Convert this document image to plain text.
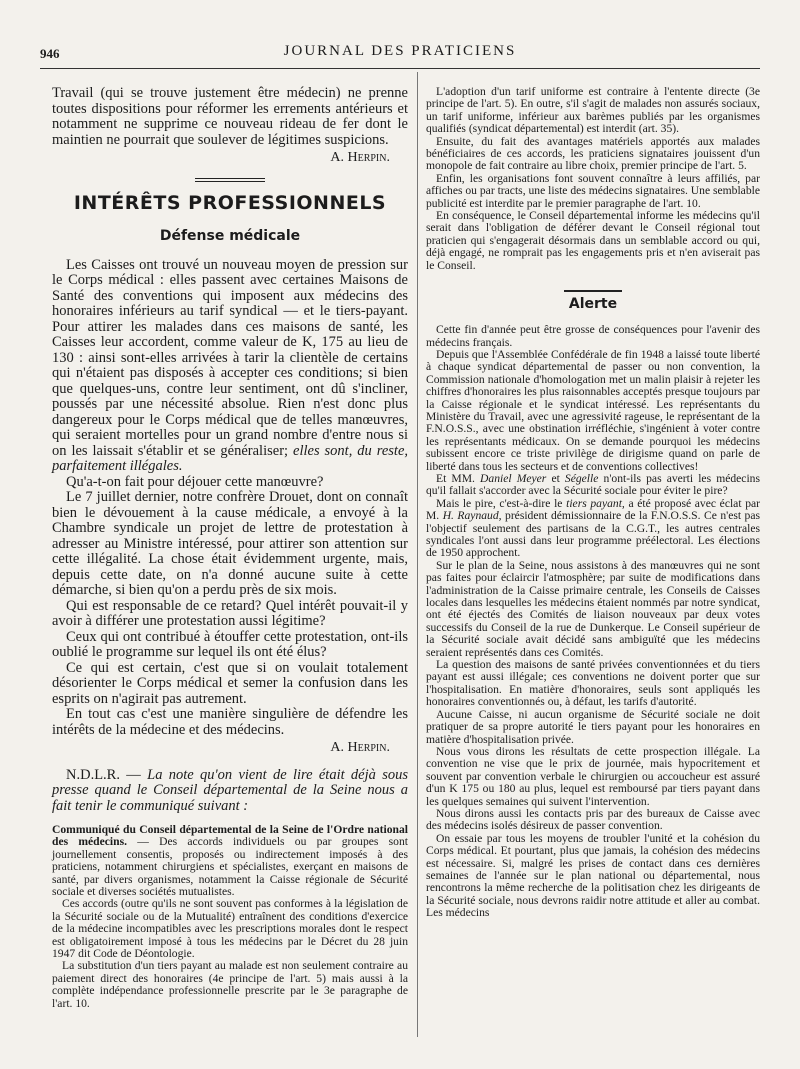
946	JOURNAL DES PRATICIENS

Travail (qui se trouve justement être médecin) ne prenne toutes dispositions pour réformer les errements antérieurs et notamment ne supprime ce nouveau rideau de fer dont le maintien ne pourrait que soulever de légitimes suspicions.

A. Herpin.

INTÉRÊTS PROFESSIONNELS
Défense médicale

Les Caisses ont trouvé un nouveau moyen de pression sur le Corps médical : elles passent avec certaines Maisons de Santé des conventions qui imposent aux médecins des honoraires inférieurs au tarif syndical — et le tiers-payant. Pour attirer les malades dans ces maisons de santé, les Caisses leur accordent, comme valeur de K, 175 au lieu de 130 : ainsi sont-elles arrivées à tarir la clientèle de certains qui n'étaient pas disposés à accepter ces conditions; si bien que quelques-uns, contre leur sentiment, ont dû s'incliner, poussés par une nécessité absolue. Rien n'est donc plus dangereux pour le Corps médical que de telles manœuvres, qui seraient mortelles pour un grand nombre d'entre nous si on les laissait s'établir et se généraliser; elles sont, du reste, parfaitement illégales.

Qu'a-t-on fait pour déjouer cette manœuvre?

Le 7 juillet dernier, notre confrère Drouet, dont on connaît bien le dévouement à la cause médicale, a envoyé à la Chambre syndicale un projet de lettre de protestation à adresser au Ministre intéressé, pour attirer son attention sur cette illégalité. La chose était évidemment urgente, mais, depuis cette date, on n'a donné aucune suite à cette démarche, si bien qu'on a perdu près de six mois.

Qui est responsable de ce retard? Quel intérêt pouvait-il y avoir à différer une protestation aussi légitime?

Ceux qui ont contribué à étouffer cette protestation, ont-ils oublié le programme sur lequel ils ont été élus?

Ce qui est certain, c'est que si on voulait totalement désorienter le Corps médical et semer la confusion dans les esprits on n'agirait pas autrement.

En tout cas c'est une manière singulière de défendre les intérêts de la médecine et des médecins.

A. Herpin.

N.D.L.R. — La note qu'on vient de lire était déjà sous presse quand le Conseil départemental de la Seine nous a fait tenir le communiqué suivant :

Communiqué du Conseil départemental de la Seine de l'Ordre national des médecins. — Des accords individuels ou par groupes sont journellement consentis, proposés ou indirectement imposés à des praticiens, notamment chirurgiens et spécialistes, exerçant en maisons de santé, par divers organismes, notamment la Caisse régionale de Sécurité sociale et diverses sociétés mutualistes.

Ces accords (outre qu'ils ne sont souvent pas conformes à la législation de la Sécurité sociale ou de la Mutualité) entraînent des conditions d'exercice de la médecine incompatibles avec les prescriptions morales dont le respect est obligatoirement imposé à tous les médecins par le Décret du 28 juin 1947 dit Code de Déontologie.

La substitution d'un tiers payant au malade est non seulement contraire au paiement direct des honoraires (4e principe de l'art. 5) mais aussi à la complète indépendance professionnelle prescrite par le 3e paragraphe de l'art. 10.

L'adoption d'un tarif uniforme est contraire à l'entente directe (3e principe de l'art. 5). En outre, s'il s'agit de malades non assurés sociaux, un tarif uniforme, inférieur aux barèmes publiés par les organismes qualifiés (syndicat départemental) est interdit (art. 35).

Ensuite, du fait des avantages matériels apportés aux malades bénéficiaires de ces accords, les praticiens signataires jouissent d'un monopole de fait contraire au libre choix, premier principe de l'art. 5.

Enfin, les organisations font souvent connaître à leurs affiliés, par affiches ou par tracts, une liste des médecins signataires. Une semblable publicité est interdite par le premier paragraphe de l'art. 10.

En conséquence, le Conseil départemental informe les médecins qu'il serait dans l'obligation de déférer devant le Conseil régional tout praticien qui s'engagerait désormais dans un semblable accord ou qui, déjà engagé, ne romprait pas les engagements pris et n'en aviserait pas le Conseil.

Alerte

Cette fin d'année peut être grosse de conséquences pour l'avenir des médecins français.

Depuis que l'Assemblée Confédérale de fin 1948 a laissé toute liberté à chaque syndicat départemental de passer ou non convention, la Commission nationale d'homologation met un malin plaisir à rejeter les chiffres d'honoraires les plus raisonnables acceptés presque toujours par la Caisse régionale et le syndicat intéressé. Les représentants du Ministère du Travail, avec une agressivité rageuse, le représentant de la F.N.O.S.S., avec une obstination irréfléchie, s'ingénient à voter contre les représentants médicaux. On se demande pourquoi les médecins subissent encore ce triste privilège de dirigisme quand on parle de liberté dans tous les secteurs et de conventions collectives!

Et MM. Daniel Meyer et Ségelle n'ont-ils pas averti les médecins qu'il fallait s'accorder avec la Sécurité sociale pour éviter le pire?

Mais le pire, c'est-à-dire le tiers payant, a été proposé avec éclat par M. H. Raynaud, président démissionnaire de la F.N.O.S.S. Ce n'est pas l'objectif seulement des partisans de la C.G.T., les autres centrales syndicales l'ont aussi dans leur programme préélectoral. Les élections de 1950 approchent.

Sur le plan de la Seine, nous assistons à des manœuvres qui ne sont pas faites pour éclaircir l'atmosphère; par suite de modifications dans l'administration de la Caisse primaire centrale, les Conseils de Caisses locales dans lesquelles les médecins étaient nommés par notre syndicat, ont été éjectés des Comités de liaison nouveaux par deux votes successifs du Conseil de la rue de Dunkerque. Le Conseil supérieur de la Sécurité sociale avait décidé sans ambiguïté que les médecins seraient représentés dans ces Comités.

La question des maisons de santé privées conventionnées et du tiers payant est aussi illégale; ces conventions ne doivent porter que sur l'hospitalisation. En matière d'honoraires, seuls sont appliqués les honoraires conventionnés ou, à défaut, les tarifs d'autorité.

Aucune Caisse, ni aucun organisme de Sécurité sociale ne doit pratiquer de sa propre autorité le tiers payant pour les honoraires en matière d'hospitalisation privée.

Nous vous dirons les résultats de cette prospection illégale. La convention ne vise que le prix de journée, mais hypocritement et souvent par convention verbale le chirurgien ou accoucheur est assuré d'un K 175 ou 180 au plus, lequel est remboursé par tiers payant dans les quelques semaines qui suivent l'intervention.

Nous dirons aussi les contacts pris par des bureaux de Caisse avec des médecins isolés désireux de passer convention.

On essaie par tous les moyens de troubler l'unité et la cohésion du Corps médical. Et pourtant, plus que jamais, la cohésion des médecins est nécessaire. Si, malgré les prises de contact dans ces dernières semaines de l'année sur le plan national ou départemental, nous rencontrons la même recherche de la politisation chez les dirigeants de la Sécurité sociale, nous devrons raidir notre attitude et aller au combat. Les médecins
